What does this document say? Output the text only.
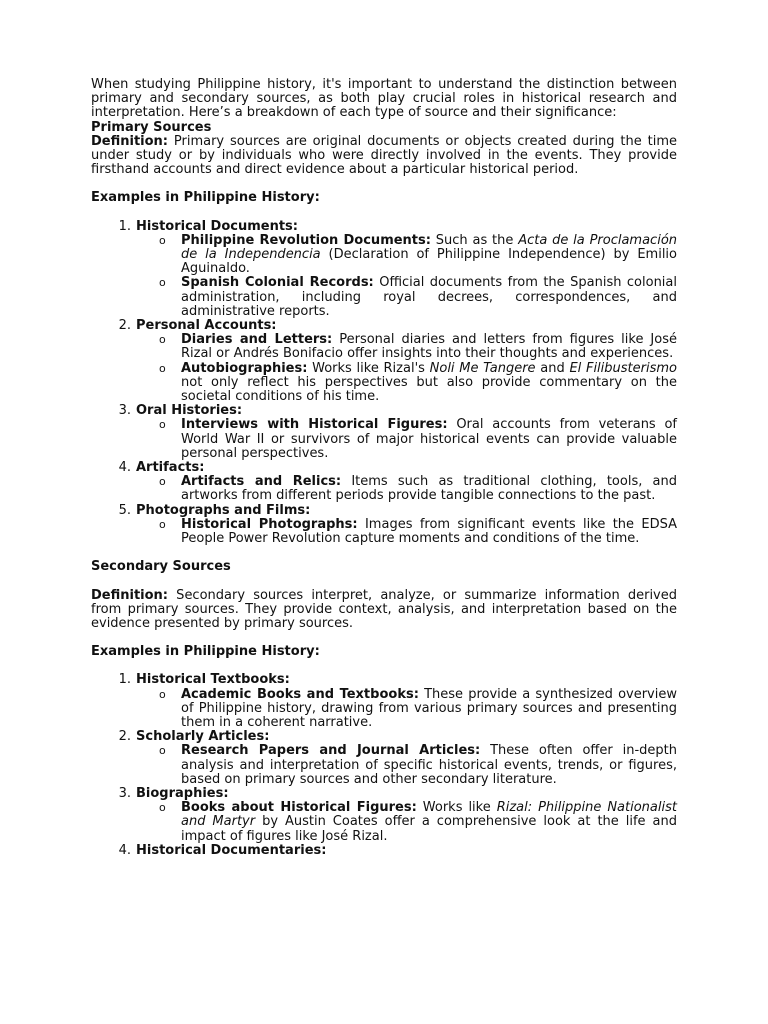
When studying Philippine history, it's important to understand the distinction between primary and secondary sources, as both play crucial roles in historical research and interpretation. Here’s a breakdown of each type of source and their significance:

Primary Sources

Definition: Primary sources are original documents or objects created during the time under study or by individuals who were directly involved in the events. They provide firsthand accounts and direct evidence about a particular historical period.

Examples in Philippine History:

1. Historical Documents:
o Philippine Revolution Documents: Such as the Acta de la Proclamación de la Independencia (Declaration of Philippine Independence) by Emilio Aguinaldo.
o Spanish Colonial Records: Official documents from the Spanish colonial administration, including royal decrees, correspondences, and administrative reports.
2. Personal Accounts:
o Diaries and Letters: Personal diaries and letters from figures like José Rizal or Andrés Bonifacio offer insights into their thoughts and experiences.
o Autobiographies: Works like Rizal's Noli Me Tangere and El Filibusterismo not only reflect his perspectives but also provide commentary on the societal conditions of his time.
3. Oral Histories:
o Interviews with Historical Figures: Oral accounts from veterans of World War II or survivors of major historical events can provide valuable personal perspectives.
4. Artifacts:
o Artifacts and Relics: Items such as traditional clothing, tools, and artworks from different periods provide tangible connections to the past.
5. Photographs and Films:
o Historical Photographs: Images from significant events like the EDSA People Power Revolution capture moments and conditions of the time.

Secondary Sources

Definition: Secondary sources interpret, analyze, or summarize information derived from primary sources. They provide context, analysis, and interpretation based on the evidence presented by primary sources.

Examples in Philippine History:

1. Historical Textbooks:
o Academic Books and Textbooks: These provide a synthesized overview of Philippine history, drawing from various primary sources and presenting them in a coherent narrative.
2. Scholarly Articles:
o Research Papers and Journal Articles: These often offer in-depth analysis and interpretation of specific historical events, trends, or figures, based on primary sources and other secondary literature.
3. Biographies:
o Books about Historical Figures: Works like Rizal: Philippine Nationalist and Martyr by Austin Coates offer a comprehensive look at the life and impact of figures like José Rizal.
4. Historical Documentaries:
